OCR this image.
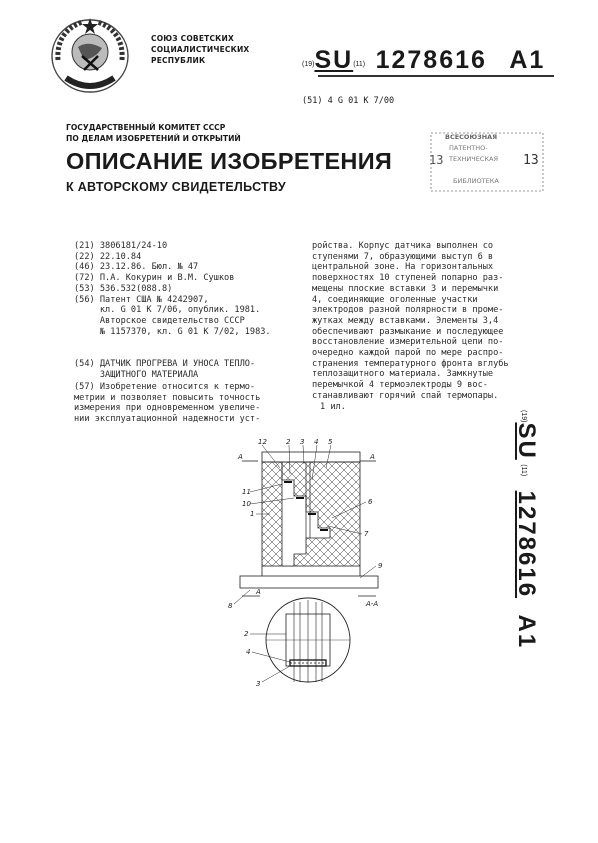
СОЮЗ СОВЕТСКИХ
СОЦИАЛИСТИЧЕСКИХ
РЕСПУБЛИК	(19)SU(11) 1278616 A1
(51) 4 G 01 K 7/00
ГОСУДАРСТВЕННЫЙ КОМИТЕТ СССР
ПО ДЕЛАМ ИЗОБРЕТЕНИЙ И ОТКРЫТИЙ	ВСЕСОЮЗНАЯ
ПАТЕНТНО-
ТЕХНИЧЕСКАЯ
БИБЛИОТЕКА
13	13
ОПИСАНИЕ ИЗОБРЕТЕНИЯ
К АВТОРСКОМУ СВИДЕТЕЛЬСТВУ
(21) 3806181/24-10
(22) 22.10.84
(46) 23.12.86. Бюл. № 47
(72) П.А. Кокурин и В.М. Сушков
(53) 536.532(088.8)
(56) Патент США № 4242907,
кл. G 01 K 7/06, опублик. 1981.
Авторское свидетельство СССР
№ 1157370, кл. G 01 K 7/02, 1983.
(54) ДАТЧИК ПРОГРЕВА И УНОСА ТЕПЛО-
ЗАЩИТНОГО МАТЕРИАЛА
(57) Изобретение относится к термо-
метрии и позволяет повысить точность
измерения при одновременном увеличе-
нии эксплуатационной надежности уст-
ройства. Корпус датчика выполнен со
ступенями 7, образующими выступ 6 в
центральной зоне. На горизонтальных
поверхностях 10 ступеней попарно раз-
мещены плоские вставки 3 и перемычки
4, соединяющие оголенные участки
электродов разной полярности в проме-
жутках между вставками. Элементы 3,4
обеспечивают размыкание и последующее
восстановление измерительной цепи по-
очередно каждой парой по мере распро-
странения температурного фронта вглубь
теплозащитного материала. Замкнутые
перемычкой 4 термоэлектроды 9 вос-
станавливают горячий спай термопары.
1 ил.
(19)SU (11) 1278616 A1
A	A
12	2 3 4 5
11
10
1
6
7
9
8
A
A-A
2
4
3
